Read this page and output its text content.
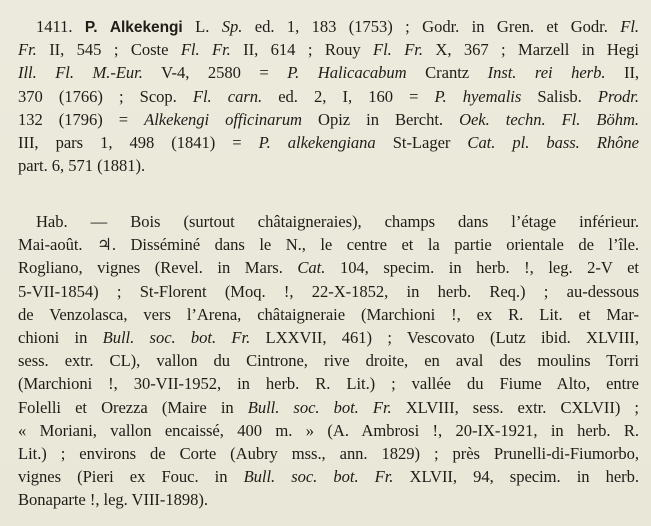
1411. P. Alkekengi L. Sp. ed. 1, 183 (1753) ; Godr. in Gren. et Godr. Fl.
Fr. II, 545 ; Coste Fl. Fr. II, 614 ; Rouy Fl. Fr. X, 367 ; Marzell in Hegi
Ill. Fl. M.-Eur. V-4, 2580 = P. Halicacabum Crantz Inst. rei herb. II,
370 (1766) ; Scop. Fl. carn. ed. 2, I, 160 = P. hyemalis Salisb. Prodr.
132 (1796) = Alkekengi officinarum Opiz in Bercht. Oek. techn. Fl. Böhm.
III, pars 1, 498 (1841) = P. alkekengiana St-Lager Cat. pl. bass. Rhône
part. 6, 571 (1881).
Hab. — Bois (surtout châtaigneraies), champs dans l’étage inférieur.
Mai-août. ♃. Disséminé dans le N., le centre et la partie orientale de l’île.
Rogliano, vignes (Revel. in Mars. Cat. 104, specim. in herb. !, leg. 2-V et
5-VII-1854) ; St-Florent (Moq. !, 22-X-1852, in herb. Req.) ; au-dessous
de Venzolasca, vers l’Arena, châtaigneraie (Marchioni !, ex R. Lit. et Mar-
chioni in Bull. soc. bot. Fr. LXXVII, 461) ; Vescovato (Lutz ibid. XLVIII,
sess. extr. CL), vallon du Cintrone, rive droite, en aval des moulins Torri
(Marchioni !, 30-VII-1952, in herb. R. Lit.) ; vallée du Fiume Alto, entre
Folelli et Orezza (Maire in Bull. soc. bot. Fr. XLVIII, sess. extr. CXLVII) ;
« Moriani, vallon encaissé, 400 m. » (A. Ambrosi !, 20-IX-1921, in herb. R.
Lit.) ; environs de Corte (Aubry mss., ann. 1829) ; près Prunelli-di-Fiumorbo,
vignes (Pieri ex Fouc. in Bull. soc. bot. Fr. XLVII, 94, specim. in herb.
Bonaparte !, leg. VIII-1898).
